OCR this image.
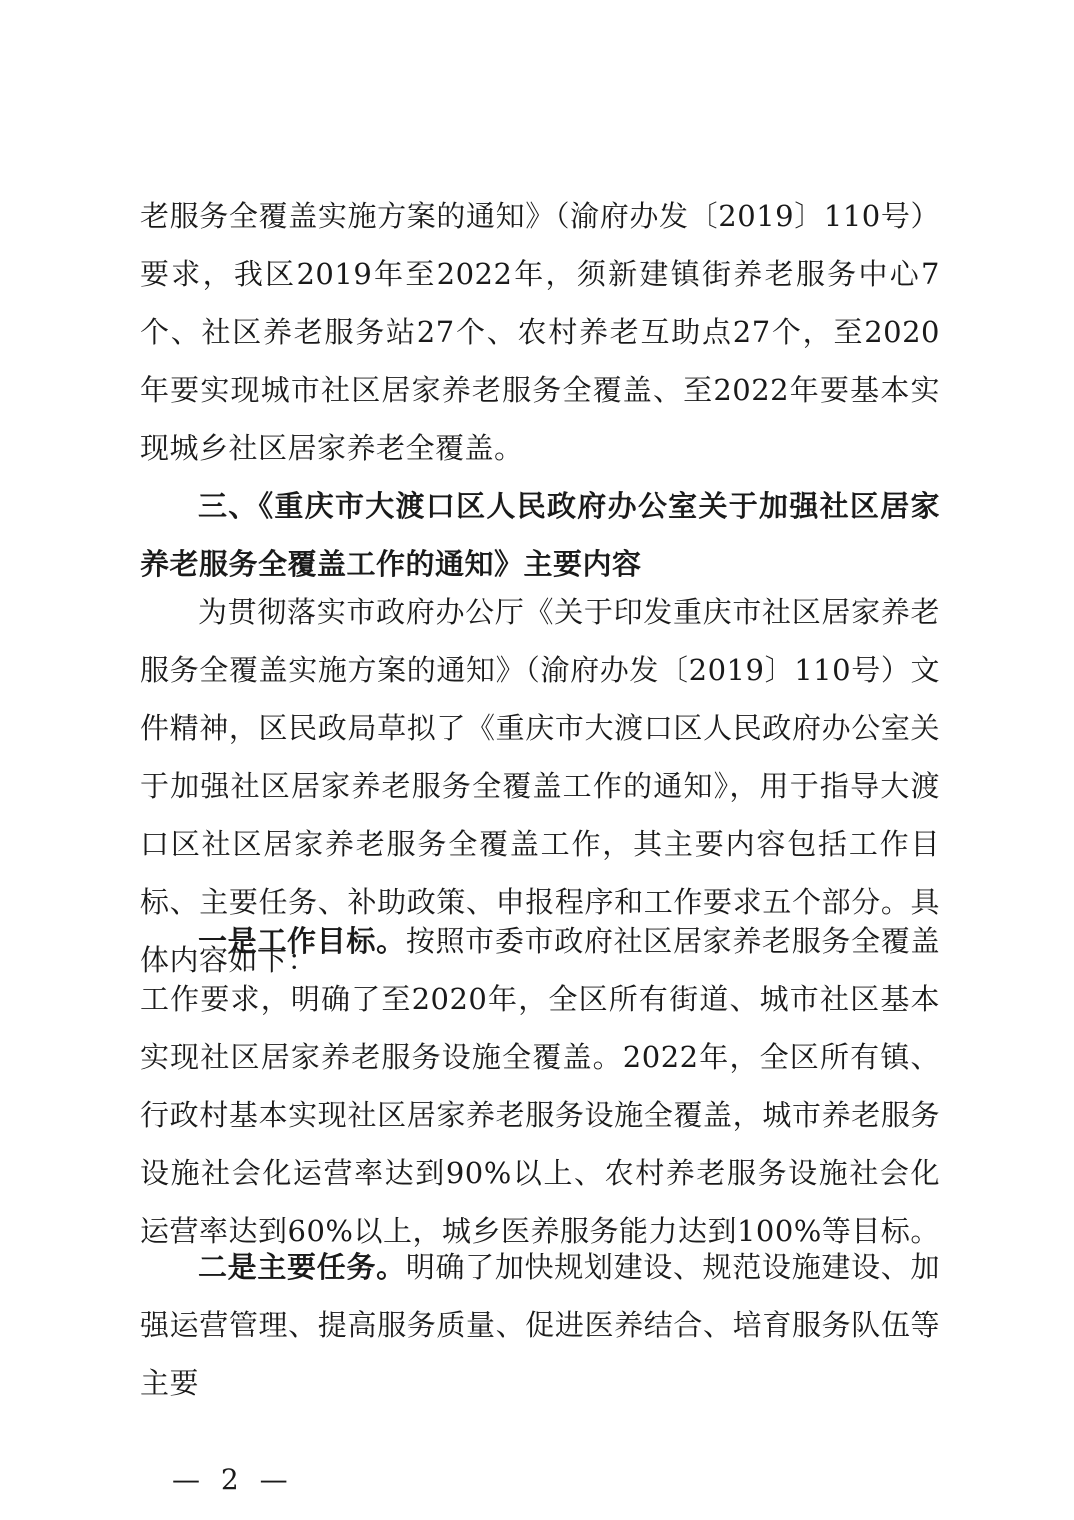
老服务全覆盖实施方案的通知》（渝府办发〔2019〕110号）要求，我区2019年至2022年，须新建镇街养老服务中心7个、社区养老服务站27个、农村养老互助点27个，至2020年要实现城市社区居家养老服务全覆盖、至2022年要基本实现城乡社区居家养老全覆盖。

三、《重庆市大渡口区人民政府办公室关于加强社区居家养老服务全覆盖工作的通知》主要内容

为贯彻落实市政府办公厅《关于印发重庆市社区居家养老服务全覆盖实施方案的通知》（渝府办发〔2019〕110号）文件精神，区民政局草拟了《重庆市大渡口区人民政府办公室关于加强社区居家养老服务全覆盖工作的通知》，用于指导大渡口区社区居家养老服务全覆盖工作，其主要内容包括工作目标、主要任务、补助政策、申报程序和工作要求五个部分。具体内容如下：

一是工作目标。按照市委市政府社区居家养老服务全覆盖工作要求，明确了至2020年，全区所有街道、城市社区基本实现社区居家养老服务设施全覆盖。2022年，全区所有镇、行政村基本实现社区居家养老服务设施全覆盖，城市养老服务设施社会化运营率达到90%以上、农村养老服务设施社会化运营率达到60%以上，城乡医养服务能力达到100%等目标。

二是主要任务。明确了加快规划建设、规范设施建设、加强运营管理、提高服务质量、促进医养结合、培育服务队伍等主要

— 2 —
